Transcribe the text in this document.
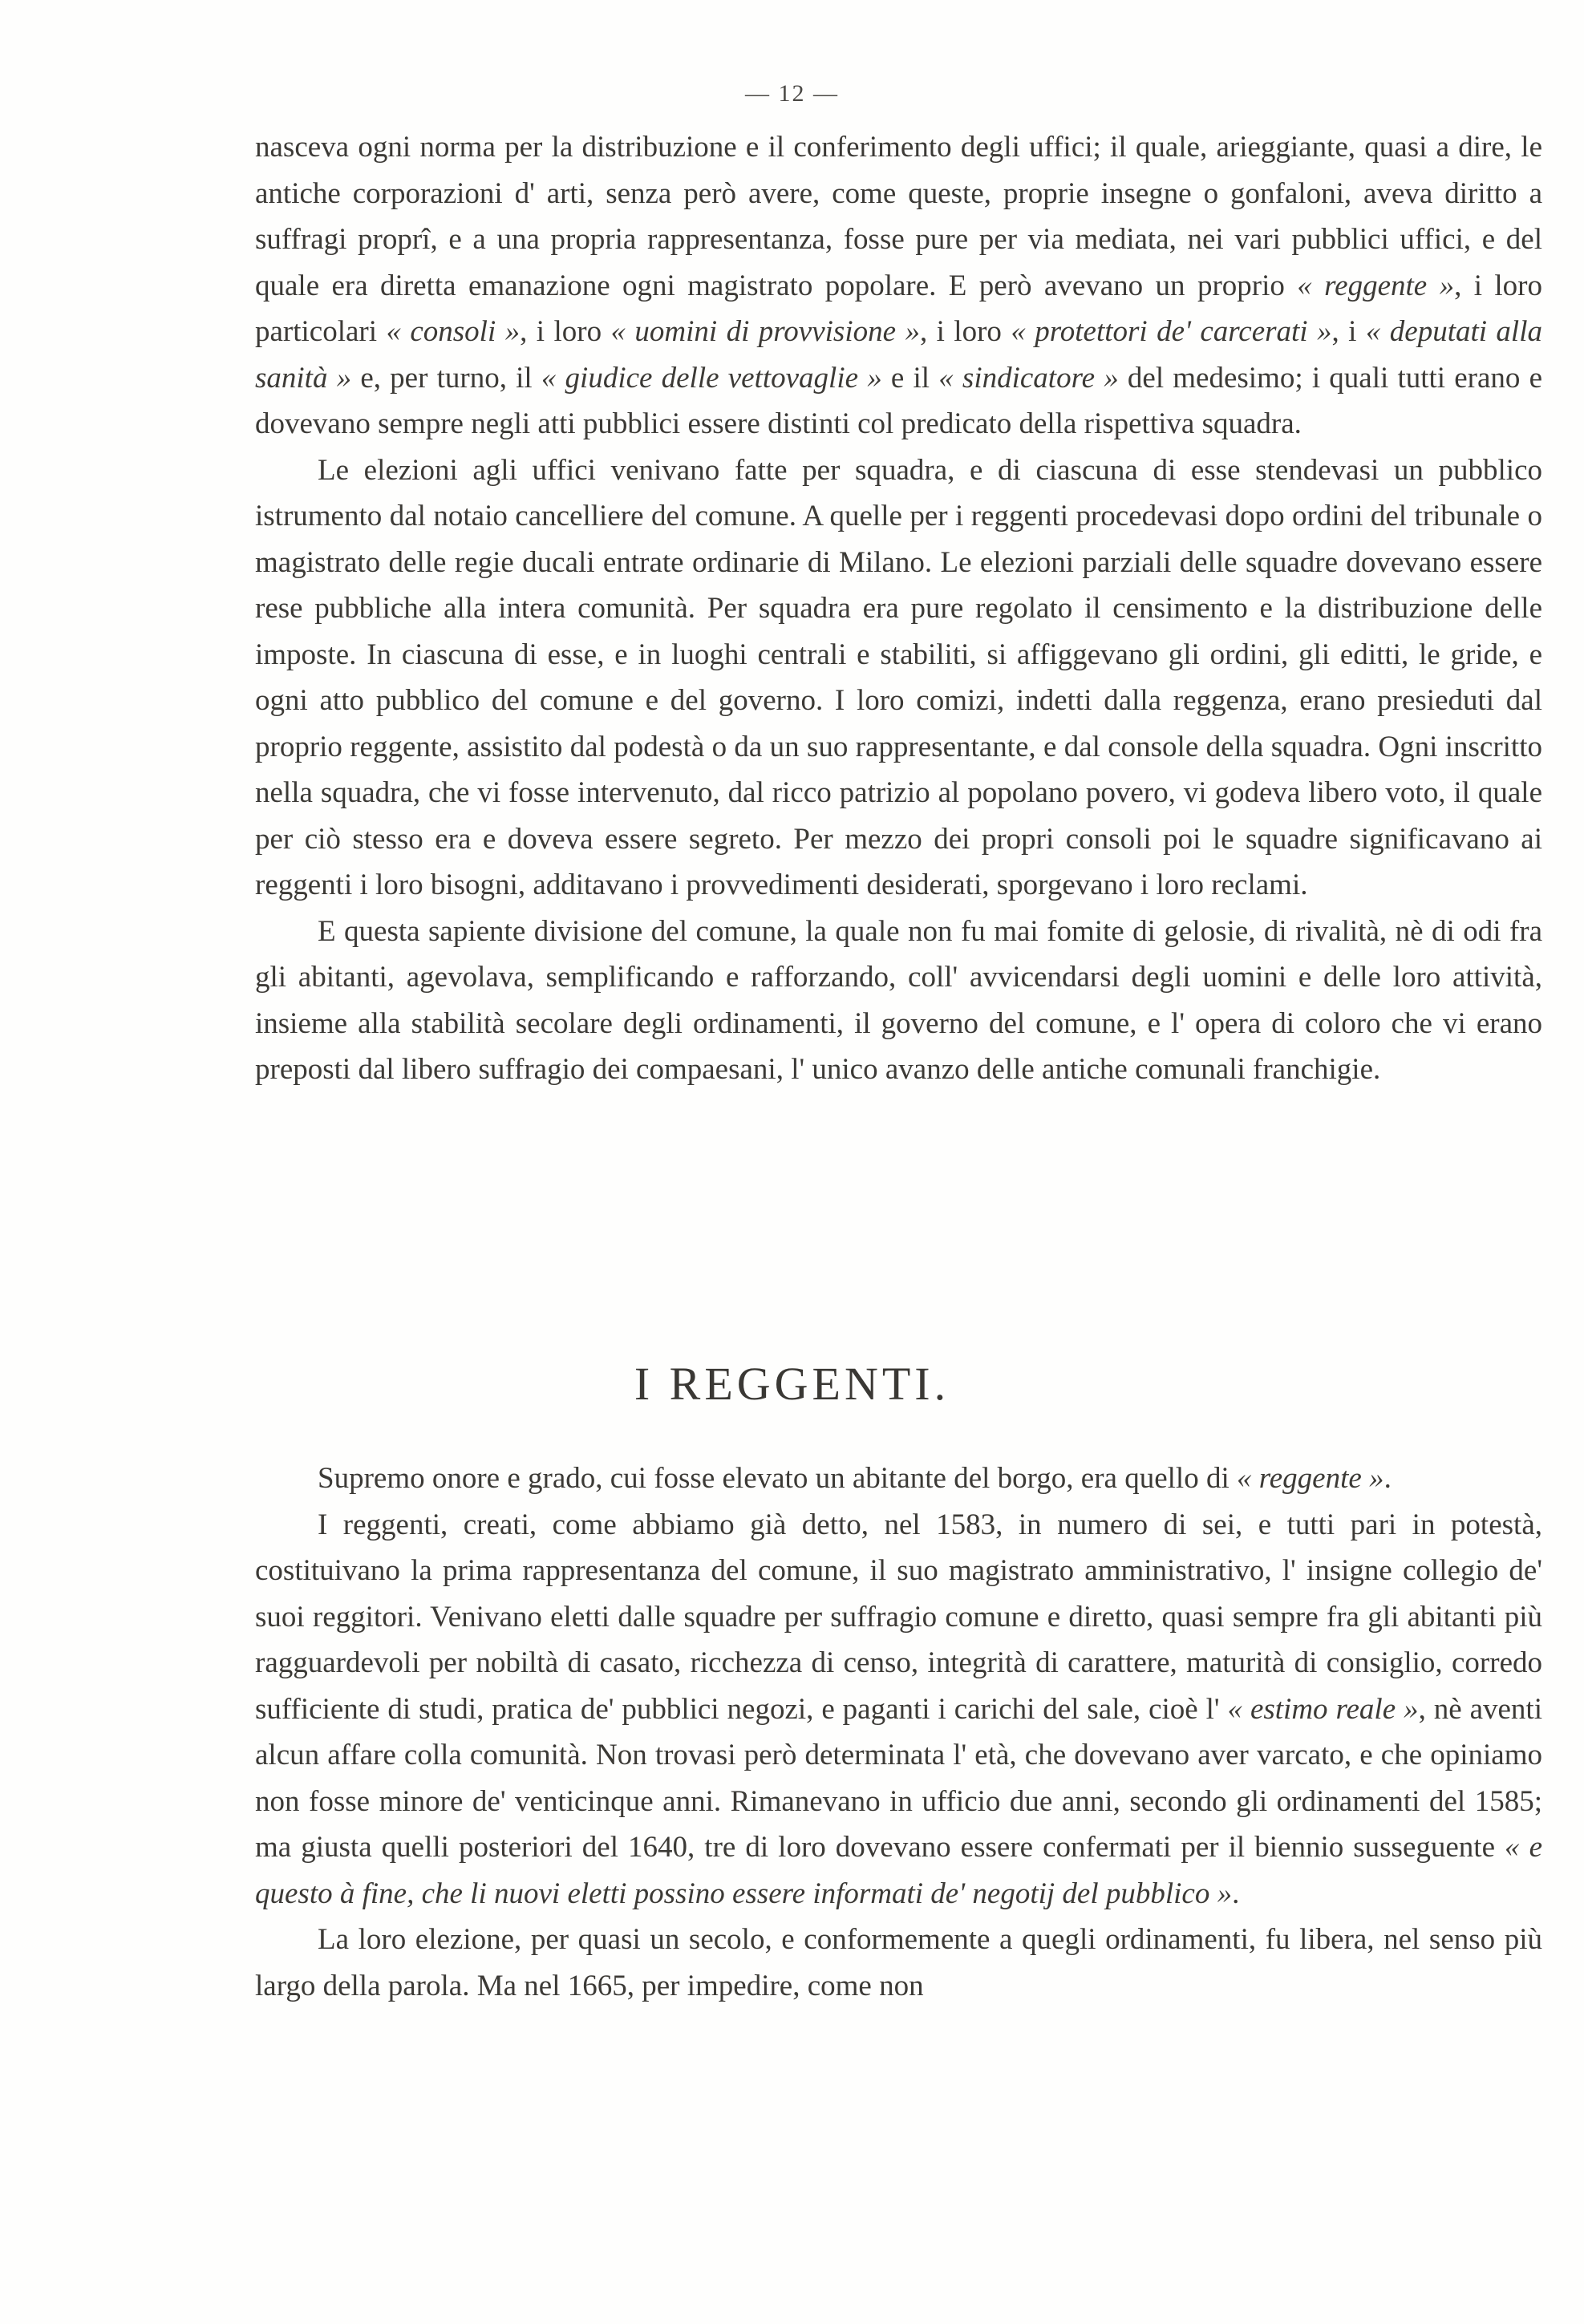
— 12 —

nasceva ogni norma per la distribuzione e il conferimento degli uffici; il quale, arieggiante, quasi a dire, le antiche corporazioni d' arti, senza però avere, come queste, proprie insegne o gonfaloni, aveva diritto a suffragi proprî, e a una propria rappresentanza, fosse pure per via mediata, nei vari pubblici uffici, e del quale era diretta emanazione ogni magistrato popolare. E però avevano un proprio « reggente », i loro particolari « consoli », i loro « uomini di provvisione », i loro « protettori de' carcerati », i « deputati alla sanità » e, per turno, il « giudice delle vettovaglie » e il « sindicatore » del medesimo; i quali tutti erano e dovevano sempre negli atti pubblici essere distinti col predicato della rispettiva squadra.

Le elezioni agli uffici venivano fatte per squadra, e di ciascuna di esse stendevasi un pubblico istrumento dal notaio cancelliere del comune. A quelle per i reggenti procedevasi dopo ordini del tribunale o magistrato delle regie ducali entrate ordinarie di Milano. Le elezioni parziali delle squadre dovevano essere rese pubbliche alla intera comunità. Per squadra era pure regolato il censimento e la distribuzione delle imposte. In ciascuna di esse, e in luoghi centrali e stabiliti, si affiggevano gli ordini, gli editti, le gride, e ogni atto pubblico del comune e del governo. I loro comizi, indetti dalla reggenza, erano presieduti dal proprio reggente, assistito dal podestà o da un suo rappresentante, e dal console della squadra. Ogni inscritto nella squadra, che vi fosse intervenuto, dal ricco patrizio al popolano povero, vi godeva libero voto, il quale per ciò stesso era e doveva essere segreto. Per mezzo dei propri consoli poi le squadre significavano ai reggenti i loro bisogni, additavano i provvedimenti desiderati, sporgevano i loro reclami.

E questa sapiente divisione del comune, la quale non fu mai fomite di gelosie, di rivalità, nè di odi fra gli abitanti, agevolava, semplificando e rafforzando, coll' avvicendarsi degli uomini e delle loro attività, insieme alla stabilità secolare degli ordinamenti, il governo del comune, e l' opera di coloro che vi erano preposti dal libero suffragio dei compaesani, l' unico avanzo delle antiche comunali franchigie.

I REGGENTI.

Supremo onore e grado, cui fosse elevato un abitante del borgo, era quello di « reggente ».

I reggenti, creati, come abbiamo già detto, nel 1583, in numero di sei, e tutti pari in potestà, costituivano la prima rappresentanza del comune, il suo magistrato amministrativo, l' insigne collegio de' suoi reggitori. Venivano eletti dalle squadre per suffragio comune e diretto, quasi sempre fra gli abitanti più ragguardevoli per nobiltà di casato, ricchezza di censo, integrità di carattere, maturità di consiglio, corredo sufficiente di studi, pratica de' pubblici negozi, e paganti i carichi del sale, cioè l' « estimo reale », nè aventi alcun affare colla comunità. Non trovasi però determinata l' età, che dovevano aver varcato, e che opiniamo non fosse minore de' venticinque anni. Rimanevano in ufficio due anni, secondo gli ordinamenti del 1585; ma giusta quelli posteriori del 1640, tre di loro dovevano essere confermati per il biennio susseguente « e questo à fine, che li nuovi eletti possino essere informati de' negotij del pubblico ».

La loro elezione, per quasi un secolo, e conformemente a quegli ordinamenti, fu libera, nel senso più largo della parola. Ma nel 1665, per impedire, come non
